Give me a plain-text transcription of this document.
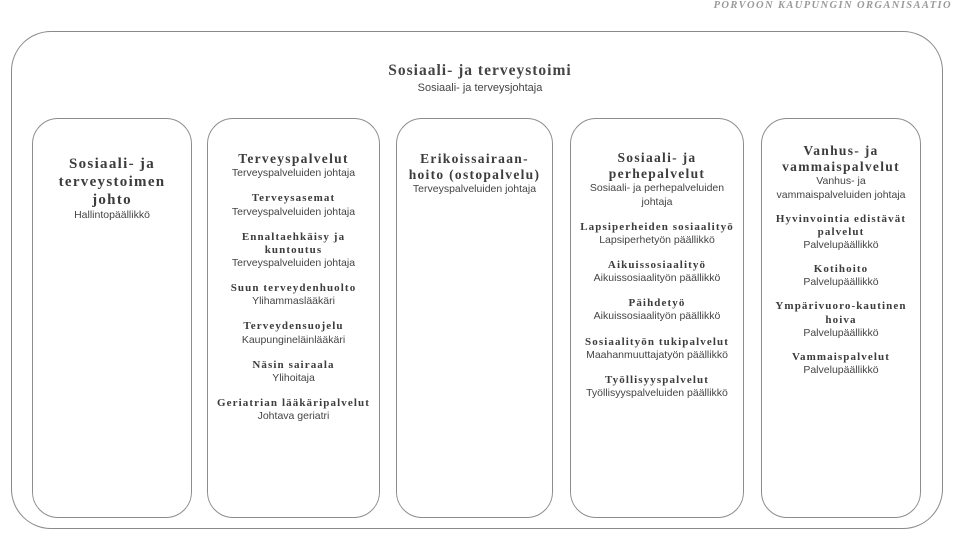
PORVOON KAUPUNGIN ORGANISAATIO
Sosiaali- ja terveystoimi
Sosiaali- ja terveysjohtaja
Sosiaali- ja terveystoimen johto
Hallintopäällikkö
Terveyspalvelut
Terveyspalveluiden johtaja
Terveysasemat
Terveyspalveluiden johtaja
Ennaltaehkäisy ja kuntoutus
Terveyspalveluiden johtaja
Suun terveydenhuolto
Ylihammaslääkäri
Terveydensuojelu
Kaupungineläinlääkäri
Näsin sairaala
Ylihoitaja
Geriatrian lääkäripalvelut
Johtava geriatri
Erikoissairaan-hoito (ostopalvelu)
Terveyspalveluiden johtaja
Sosiaali- ja perhepalvelut
Sosiaali- ja perhepalveluiden johtaja
Lapsiperheiden sosiaalityö
Lapsiperhetyön päällikkö
Aikuissosiaalityö
Aikuissosiaalityön päällikkö
Päihdetyö
Aikuissosiaalityön päällikkö
Sosiaalityön tukipalvelut
Maahanmuuttajatyön päällikkö
Työllisyyspalvelut
Työllisyyspalveluiden päällikkö
Vanhus- ja vammaispalvelut
Vanhus- ja vammaispalveluiden johtaja
Hyvinvointia edistävät palvelut
Palvelupäällikkö
Kotihoito
Palvelupäällikkö
Ympärivuoro-kautinen hoiva
Palvelupäällikkö
Vammaispalvelut
Palvelupäällikkö
